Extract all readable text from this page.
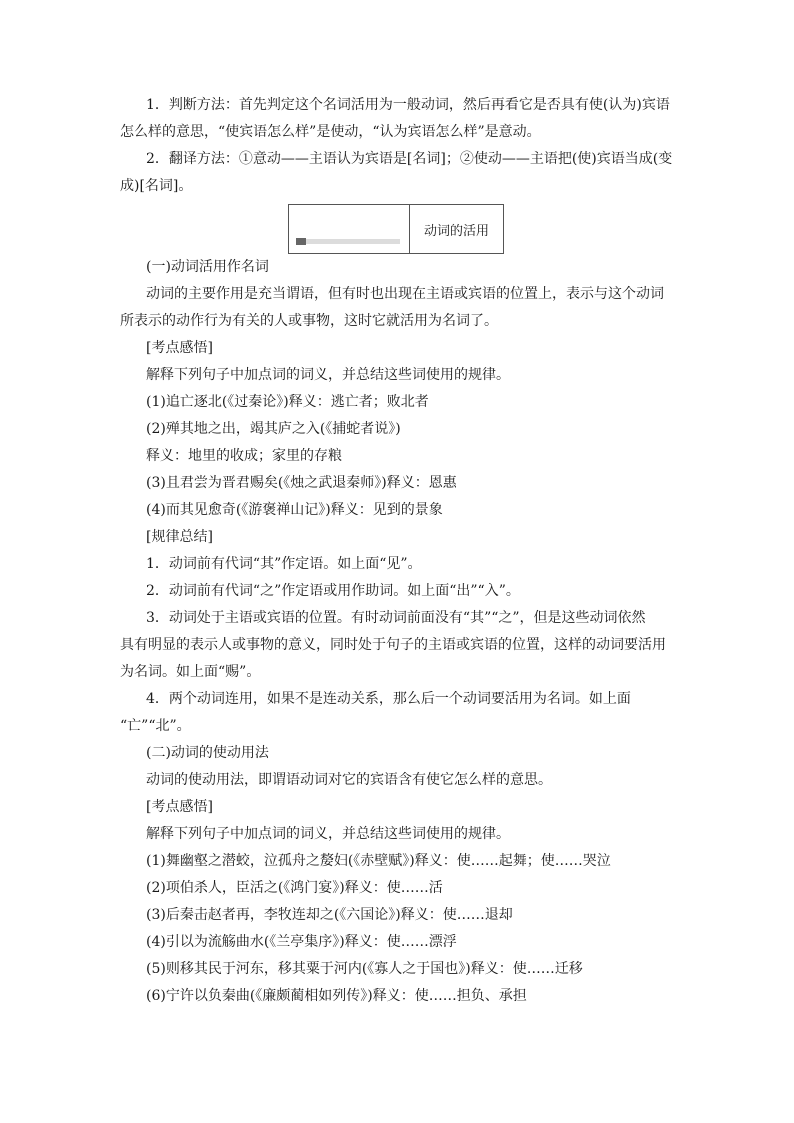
1．判断方法：首先判定这个名词活用为一般动词，然后再看它是否具有使(认为)宾语
怎么样的意思，“使宾语怎么样”是使动，“认为宾语怎么样”是意动。
2．翻译方法：①意动——主语认为宾语是[名词]；②使动——主语把(使)宾语当成(变
成)[名词]。
动词的活用
(一)动词活用作名词
动词的主要作用是充当谓语，但有时也出现在主语或宾语的位置上，表示与这个动词
所表示的动作行为有关的人或事物，这时它就活用为名词了。
[考点感悟]
解释下列句子中加点词的词义，并总结这些词使用的规律。
(1)追亡逐北(《过秦论》)释义：逃亡者；败北者
(2)殚其地之出，竭其庐之入(《捕蛇者说》)
释义：地里的收成；家里的存粮
(3)且君尝为晋君赐矣(《烛之武退秦师》)释义：恩惠
(4)而其见愈奇(《游褒禅山记》)释义：见到的景象
[规律总结]
1．动词前有代词“其”作定语。如上面“见”。
2．动词前有代词“之”作定语或用作助词。如上面“出”“入”。
3．动词处于主语或宾语的位置。有时动词前面没有“其”“之”，但是这些动词依然
具有明显的表示人或事物的意义，同时处于句子的主语或宾语的位置，这样的动词要活用
为名词。如上面“赐”。
4．两个动词连用，如果不是连动关系，那么后一个动词要活用为名词。如上面
“亡”“北”。
(二)动词的使动用法
动词的使动用法，即谓语动词对它的宾语含有使它怎么样的意思。
[考点感悟]
解释下列句子中加点词的词义，并总结这些词使用的规律。
(1)舞幽壑之潜蛟，泣孤舟之嫠妇(《赤壁赋》)释义：使……起舞；使……哭泣
(2)项伯杀人，臣活之(《鸿门宴》)释义：使……活
(3)后秦击赵者再，李牧连却之(《六国论》)释义：使……退却
(4)引以为流觞曲水(《兰亭集序》)释义：使……漂浮
(5)则移其民于河东，移其粟于河内(《寡人之于国也》)释义：使……迁移
(6)宁许以负秦曲(《廉颇蔺相如列传》)释义：使……担负、承担
